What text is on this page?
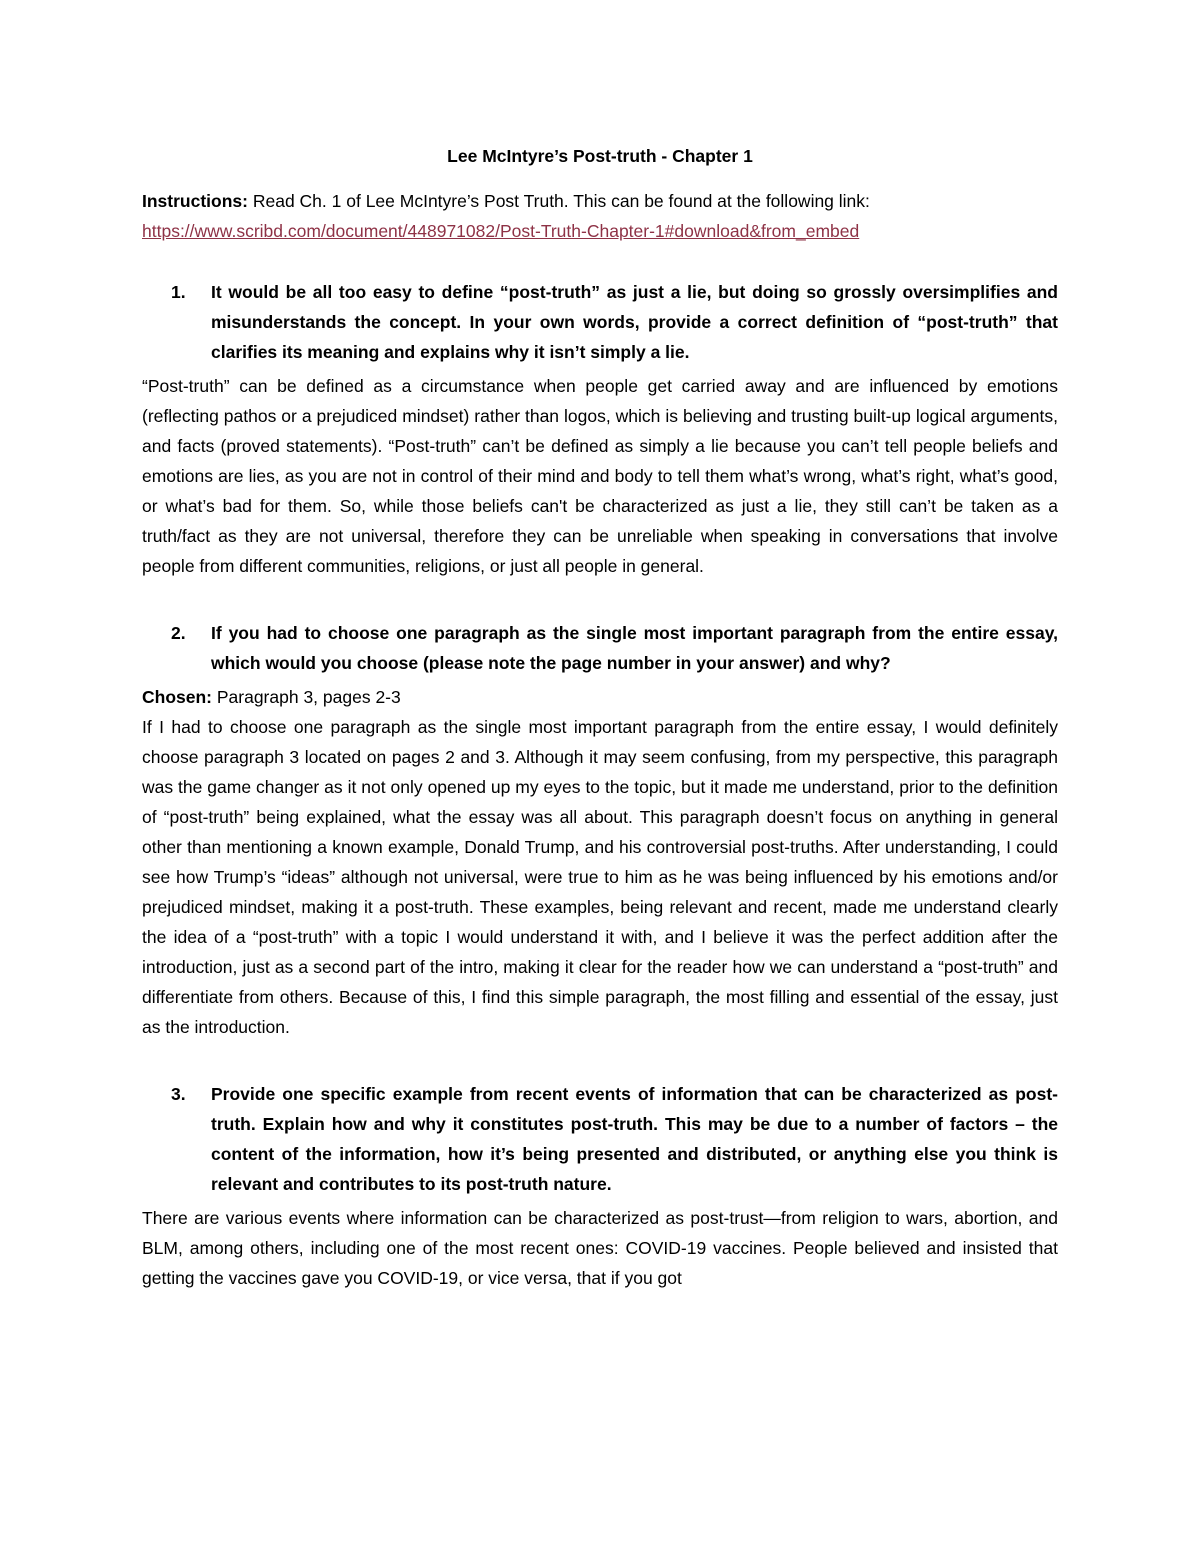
Lee McIntyre’s Post-truth - Chapter 1

Instructions: Read Ch. 1 of Lee McIntyre’s Post Truth. This can be found at the following link:

https://www.scribd.com/document/448971082/Post-Truth-Chapter-1#download&from_embed
1.	It would be all too easy to define “post-truth” as just a lie, but doing so grossly oversimplifies and misunderstands the concept. In your own words, provide a correct definition of “post-truth” that clarifies its meaning and explains why it isn’t simply a lie.

“Post-truth” can be defined as a circumstance when people get carried away and are influenced by emotions (reflecting pathos or a prejudiced mindset) rather than logos, which is believing and trusting built-up logical arguments, and facts (proved statements). “Post-truth” can’t be defined as simply a lie because you can’t tell people beliefs and emotions are lies, as you are not in control of their mind and body to tell them what’s wrong, what’s right, what’s good, or what’s bad for them. So, while those beliefs can't be characterized as just a lie, they still can’t be taken as a truth/fact as they are not universal, therefore they can be unreliable when speaking in conversations that involve people from different communities, religions, or just all people in general.

2.	If you had to choose one paragraph as the single most important paragraph from the entire essay, which would you choose (please note the page number in your answer) and why?

Chosen: Paragraph 3, pages 2-3

If I had to choose one paragraph as the single most important paragraph from the entire essay, I would definitely choose paragraph 3 located on pages 2 and 3. Although it may seem confusing, from my perspective, this paragraph was the game changer as it not only opened up my eyes to the topic, but it made me understand, prior to the definition of “post-truth” being explained, what the essay was all about. This paragraph doesn’t focus on anything in general other than mentioning a known example, Donald Trump, and his controversial post-truths. After understanding, I could see how Trump’s “ideas” although not universal, were true to him as he was being influenced by his emotions and/or prejudiced mindset, making it a post-truth. These examples, being relevant and recent, made me understand clearly the idea of a “post-truth” with a topic I would understand it with, and I believe it was the perfect addition after the introduction, just as a second part of the intro, making it clear for the reader how we can understand a “post-truth” and differentiate from others. Because of this, I find this simple paragraph, the most filling and essential of the essay, just as the introduction.

3.	Provide one specific example from recent events of information that can be characterized as post-truth. Explain how and why it constitutes post-truth. This may be due to a number of factors – the content of the information, how it’s being presented and distributed, or anything else you think is relevant and contributes to its post-truth nature.

There are various events where information can be characterized as post-trust—from religion to wars, abortion, and BLM, among others, including one of the most recent ones: COVID-19 vaccines. People believed and insisted that getting the vaccines gave you COVID-19, or vice versa, that if you got
